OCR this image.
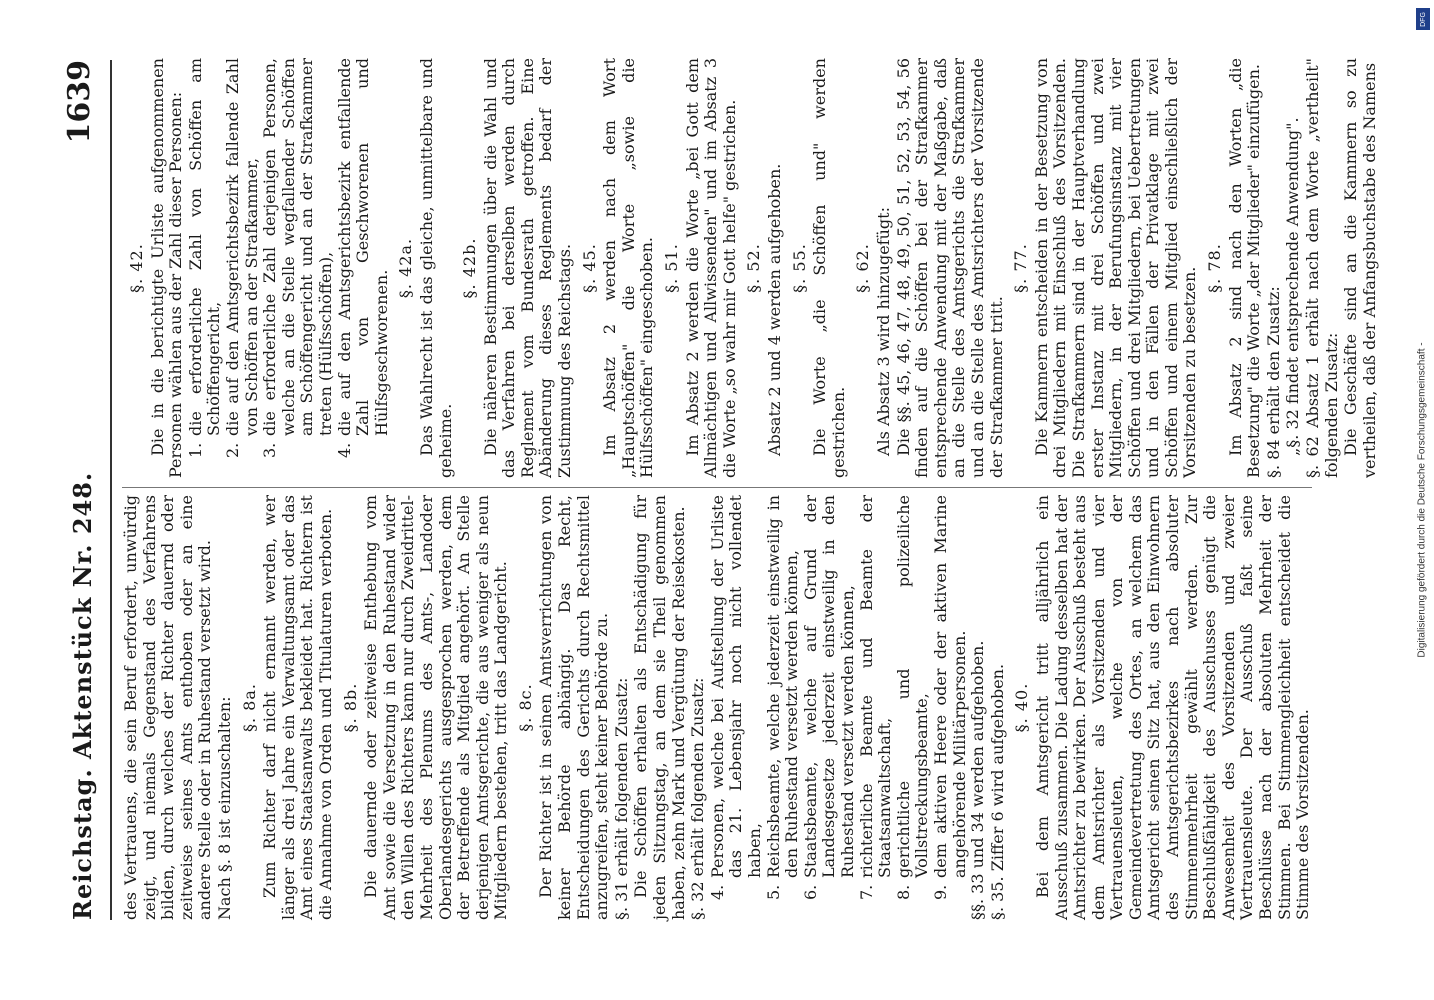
Reichstag. Aktenstück Nr. 248.
1639
des Vertrauens, die sein Beruf erfordert, unwürdig zeigt, und niemals Gegenstand des Verfahrens bilden, durch welches der Richter dauernd oder zeitweise seines Amts enthoben oder an eine andere Stelle oder in Ruhestand versetzt wird. Nach §. 8 ist einzuschalten: §. 8a. Zum Richter darf nicht ernannt werden, wer länger als drei Jahre ein Verwaltungsamt oder das Amt eines Staatsanwalts bekleidet hat. Richtern ist die Annahme von Orden und Titulaturen verboten. §. 8b. Die dauernde oder zeitweise Enthebung vom Amt sowie die Versetzung in den Ruhestand wider den Willen des Richters kann nur durch Zweidrittel-Mehrheit des Plenums des Amts-, Landoder Oberlandesgerichts ausgesprochen werden, dem der Betreffende als Mitglied angehört. An Stelle derjenigen Amtsgerichte, die aus weniger als neun Mitgliedern bestehen, tritt das Landgericht. §. 8c. Der Richter ist in seinen Amtsverrichtungen von keiner Behörde abhängig. Das Recht, Entscheidungen des Gerichts durch Rechtsmittel anzugreifen, steht keiner Behörde zu. §. 31 erhält folgenden Zusatz: Die Schöffen erhalten als Entschädigung für jeden Sitzungstag, an dem sie Theil genommen haben, zehn Mark und Vergütung der Reisekosten. §. 32 erhält folgenden Zusatz: 4.Personen, welche bei Aufstellung der Urliste das 21. Lebensjahr noch nicht vollendet haben,
5.Reichsbeamte, welche jederzeit einstweilig in den Ruhestand versetzt werden können,
6.Staatsbeamte, welche auf Grund der Landesgesetze jederzeit einstweilig in den Ruhestand versetzt werden können,
7.richterliche Beamte und Beamte der Staatsanwaltschaft,
8.gerichtliche und polizeiliche Vollstreckungsbeamte,
9.dem aktiven Heere oder der aktiven Marine angehörende Militärpersonen. §§. 33 und 34 werden aufgehoben. §. 35. Ziffer 6 wird aufgehoben. §. 40. Bei dem Amtsgericht tritt alljährlich ein Ausschuß zusammen. Die Ladung desselben hat der Amtsrichter zu bewirken. Der Ausschuß besteht aus dem Amtsrichter als Vorsitzenden und vier Vertrauensleuten, welche von der Gemeindevertretung des Ortes, an welchem das Amtsgericht seinen Sitz hat, aus den Einwohnern des Amtsgerichtsbezirkes nach absoluter Stimmenmehrheit gewählt werden. Zur Beschlußfähigkeit des Ausschusses genügt die Anwesenheit des Vorsitzenden und zweier Vertrauensleute. Der Ausschuß faßt seine Beschlüsse nach der absoluten Mehrheit der Stimmen. Bei Stimmengleichheit entscheidet die Stimme des Vorsitzenden.
§. 42. Die in die berichtigte Urliste aufgenommenen Personen wählen aus der Zahl dieser Personen: 1.die erforderliche Zahl von Schöffen am Schöffengericht,
2.die auf den Amtsgerichtsbezirk fallende Zahl von Schöffen an der Strafkammer,
3.die erforderliche Zahl derjenigen Personen, welche an die Stelle wegfallender Schöffen am Schöffengericht und an der Strafkammer treten (Hülfsschöffen),
4.die auf den Amtsgerichtsbezirk entfallende Zahl von Geschworenen und Hülfsgeschworenen.
§. 42a. Das Wahlrecht ist das gleiche, unmittelbare und geheime.
§. 42b. Die näheren Bestimmungen über die Wahl und das Verfahren bei derselben werden durch Reglement vom Bundesrath getroffen. Eine Abänderung dieses Reglements bedarf der Zustimmung des Reichstags. §. 45. Im Absatz 2 werden nach dem Wort „Hauptschöffen" die Worte „sowie die Hülfsschöffen" eingeschoben. §. 51. Im Absatz 2 werden die Worte „bei Gott dem Allmächtigen und Allwissenden" und im Absatz 3 die Worte „so wahr mir Gott helfe" gestrichen. §. 52. Absatz 2 und 4 werden aufgehoben. §. 55. Die Worte „die Schöffen und" werden gestrichen.
§. 62. Als Absatz 3 wird hinzugefügt: Die §§. 45, 46, 47, 48, 49, 50, 51, 52, 53, 54, 56 finden auf die Schöffen bei der Strafkammer entsprechende Anwendung mit der Maßgabe, daß an die Stelle des Amtsgerichts die Strafkammer und an die Stelle des Amtsrichters der Vorsitzende der Strafkammer tritt.
§. 77. Die Kammern entscheiden in der Besetzung von drei Mitgliedern mit Einschluß des Vorsitzenden. Die Strafkammern sind in der Hauptverhandlung erster Instanz mit drei Schöffen und zwei Mitgliedern, in der Berufungsinstanz mit vier Schöffen und drei Mitgliedern, bei Uebertretungen und in den Fällen der Privatklage mit zwei Schöffen und einem Mitglied einschließlich der Vorsitzenden zu besetzen. §. 78. Im Absatz 2 sind nach den Worten „die Besetzung" die Worte „der Mitglieder" einzufügen. §. 84 erhält den Zusatz: „§. 32 findet entsprechende Anwendung". §. 62 Absatz 1 erhält nach dem Worte „vertheilt" folgenden Zusatz: Die Geschäfte sind an die Kammern so zu vertheilen, daß der Anfangsbuchstabe des Namens
Digitalisierung gefördert durch die Deutsche Forschungsgemeinschaft -
DFG
